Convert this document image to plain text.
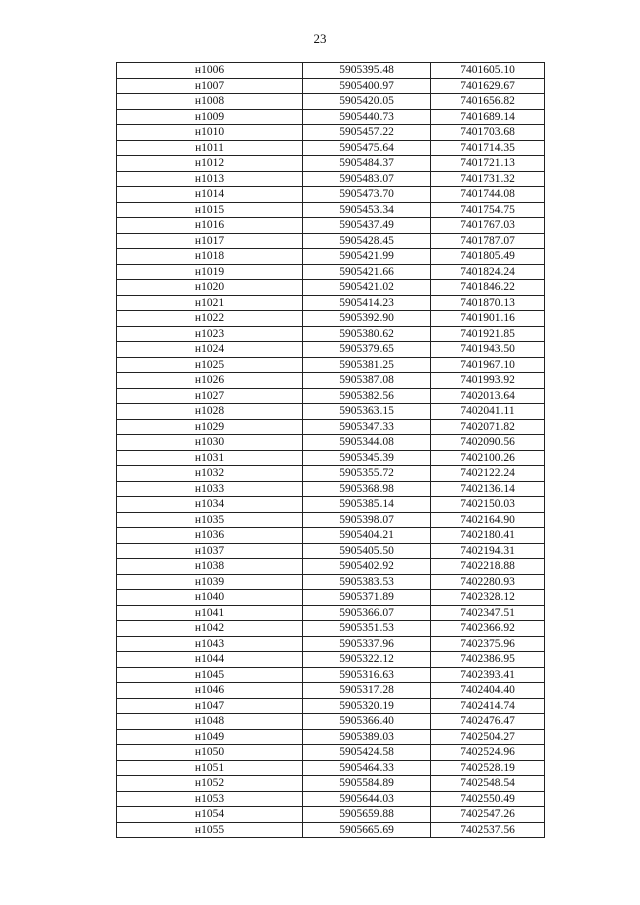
23
н1006	5905395.48	7401605.10
н1007	5905400.97	7401629.67
н1008	5905420.05	7401656.82
н1009	5905440.73	7401689.14
н1010	5905457.22	7401703.68
н1011	5905475.64	7401714.35
н1012	5905484.37	7401721.13
н1013	5905483.07	7401731.32
н1014	5905473.70	7401744.08
н1015	5905453.34	7401754.75
н1016	5905437.49	7401767.03
н1017	5905428.45	7401787.07
н1018	5905421.99	7401805.49
н1019	5905421.66	7401824.24
н1020	5905421.02	7401846.22
н1021	5905414.23	7401870.13
н1022	5905392.90	7401901.16
н1023	5905380.62	7401921.85
н1024	5905379.65	7401943.50
н1025	5905381.25	7401967.10
н1026	5905387.08	7401993.92
н1027	5905382.56	7402013.64
н1028	5905363.15	7402041.11
н1029	5905347.33	7402071.82
н1030	5905344.08	7402090.56
н1031	5905345.39	7402100.26
н1032	5905355.72	7402122.24
н1033	5905368.98	7402136.14
н1034	5905385.14	7402150.03
н1035	5905398.07	7402164.90
н1036	5905404.21	7402180.41
н1037	5905405.50	7402194.31
н1038	5905402.92	7402218.88
н1039	5905383.53	7402280.93
н1040	5905371.89	7402328.12
н1041	5905366.07	7402347.51
н1042	5905351.53	7402366.92
н1043	5905337.96	7402375.96
н1044	5905322.12	7402386.95
н1045	5905316.63	7402393.41
н1046	5905317.28	7402404.40
н1047	5905320.19	7402414.74
н1048	5905366.40	7402476.47
н1049	5905389.03	7402504.27
н1050	5905424.58	7402524.96
н1051	5905464.33	7402528.19
н1052	5905584.89	7402548.54
н1053	5905644.03	7402550.49
н1054	5905659.88	7402547.26
н1055	5905665.69	7402537.56
